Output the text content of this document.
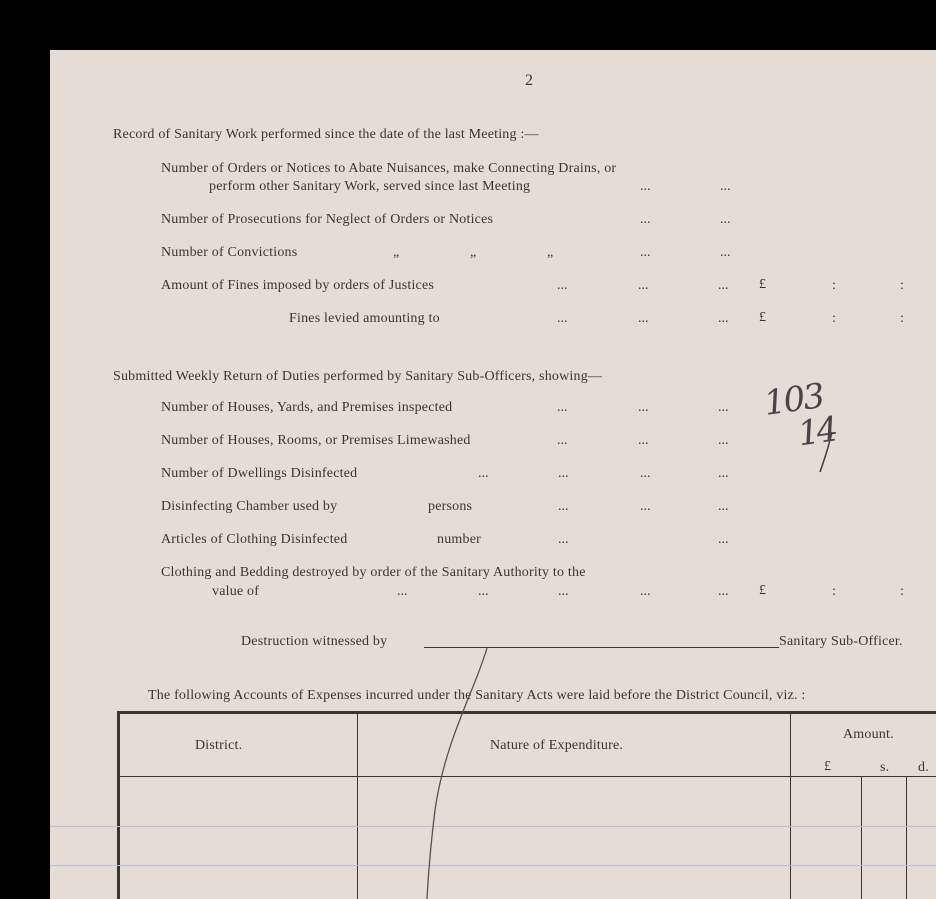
2
Record of Sanitary Work performed since the date of the last Meeting :—
Number of Orders or Notices to Abate Nuisances, make Connecting Drains, or
perform other Sanitary Work, served since last Meeting	...	...
Number of Prosecutions for Neglect of Orders or Notices	...	...
Number of Convictions	„	„	„	...	...
Amount of Fines imposed by orders of Justices	...	...	... £	:	:
Fines levied amounting to	...	...	... £	:	:
Submitted Weekly Return of Duties performed by Sanitary Sub-Officers, showing—
Number of Houses, Yards, and Premises inspected	...	...	... 103
Number of Houses, Rooms, or Premises Limewashed	...	...	... 14
Number of Dwellings Disinfected	...	...	...	...
Disinfecting Chamber used by	persons	...	...	...
Articles of Clothing Disinfected	number	...	...
Clothing and Bedding destroyed by order of the Sanitary Authority to the
value of	...	...	...	...	... £	:	:
Destruction witnessed by	Sanitary Sub-Officer.
The following Accounts of Expenses incurred under the Sanitary Acts were laid before the District Council, viz. :
District.	Nature of Expenditure.
Amount.
£	s. d.
